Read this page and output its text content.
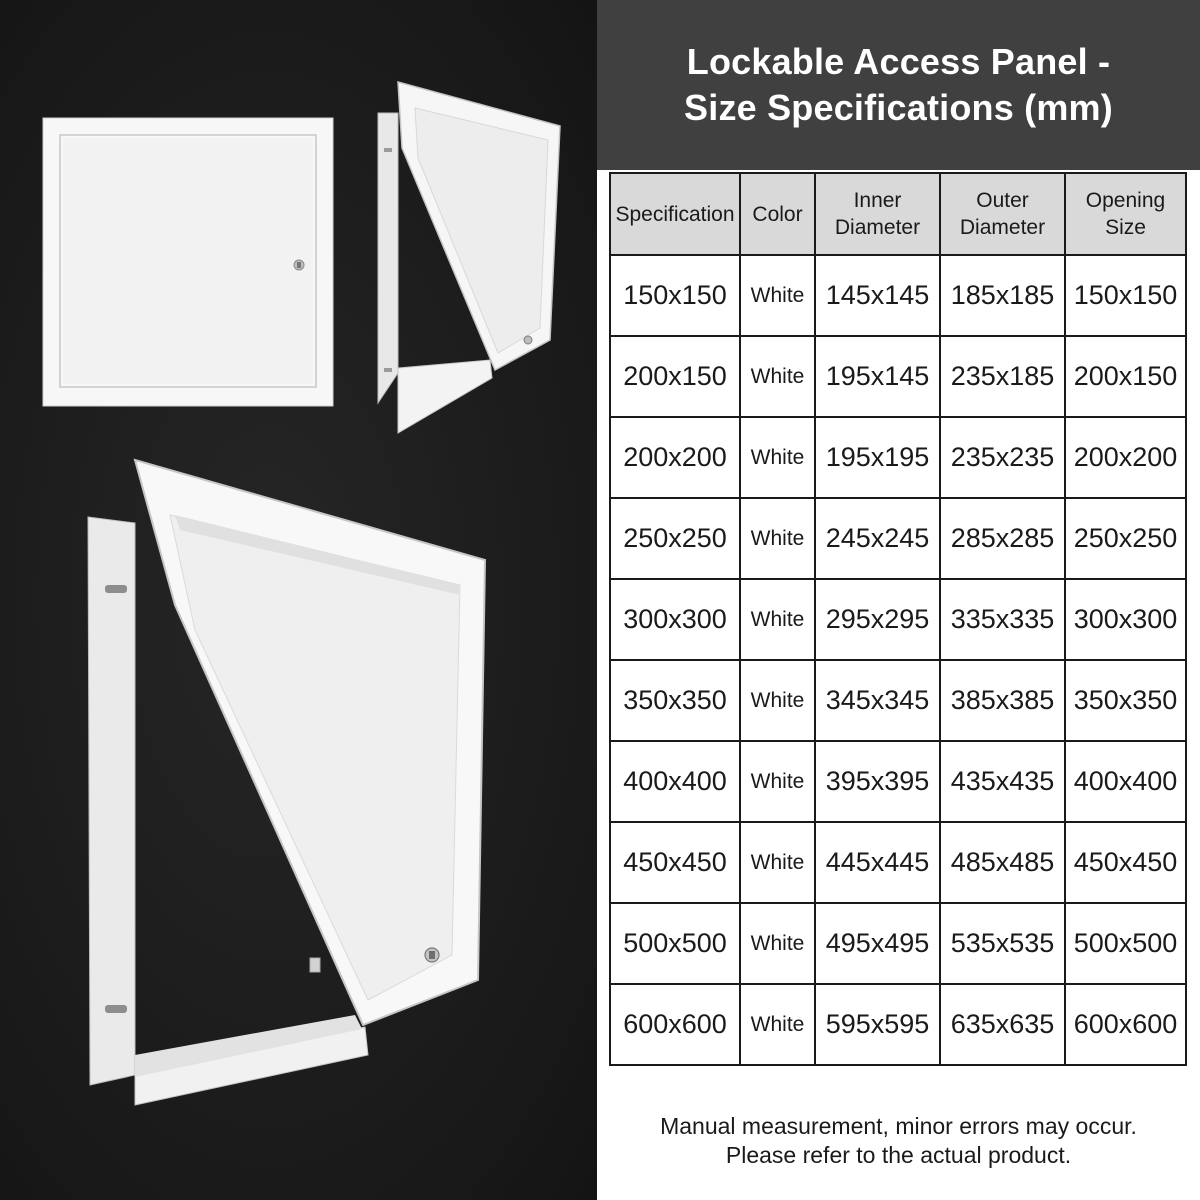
Lockable Access Panel -
Size Specifications (mm)
Specification	Color	Inner Diameter	Outer Diameter	Opening Size

150x150	White	145x145	185x185	150x150
200x150	White	195x145	235x185	200x150
200x200	White	195x195	235x235	200x200
250x250	White	245x245	285x285	250x250
300x300	White	295x295	335x335	300x300
350x350	White	345x345	385x385	350x350
400x400	White	395x395	435x435	400x400
450x450	White	445x445	485x485	450x450
500x500	White	495x495	535x535	500x500
600x600	White	595x595	635x635	600x600
Manual measurement, minor errors may occur.
Please refer to the actual product.
